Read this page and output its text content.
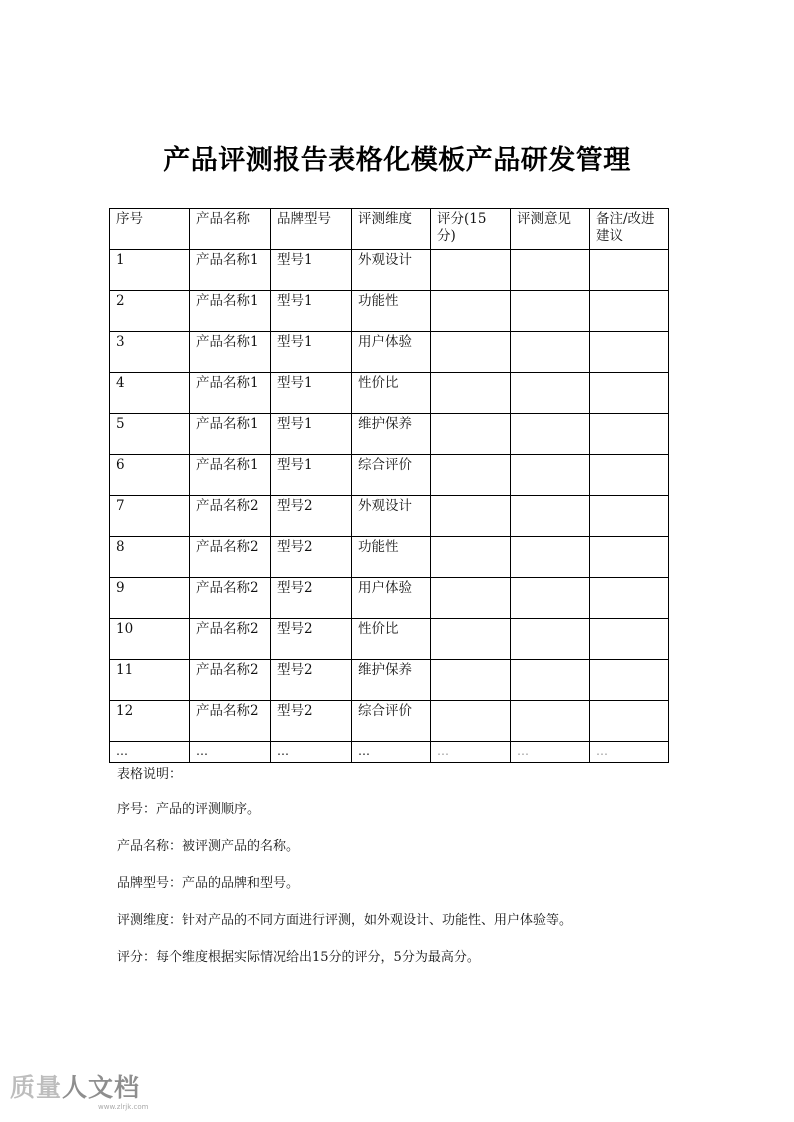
产品评测报告表格化模板产品研发管理
序号	产品名称	品牌型号	评测维度	评分(15分)	评测意见	备注/改进建议
1	产品名称1	型号1	外观设计			
2	产品名称1	型号1	功能性			
3	产品名称1	型号1	用户体验			
4	产品名称1	型号1	性价比			
5	产品名称1	型号1	维护保养			
6	产品名称1	型号1	综合评价			
7	产品名称2	型号2	外观设计			
8	产品名称2	型号2	功能性			
9	产品名称2	型号2	用户体验			
10	产品名称2	型号2	性价比			
11	产品名称2	型号2	维护保养			
12	产品名称2	型号2	综合评价			
…	…	…	…	…	…	…

表格说明：

序号：产品的评测顺序。

产品名称：被评测产品的名称。

品牌型号：产品的品牌和型号。

评测维度：针对产品的不同方面进行评测，如外观设计、功能性、用户体验等。

评分：每个维度根据实际情况给出15分的评分，5分为最高分。

质量人文档
www.zlrjk.com
